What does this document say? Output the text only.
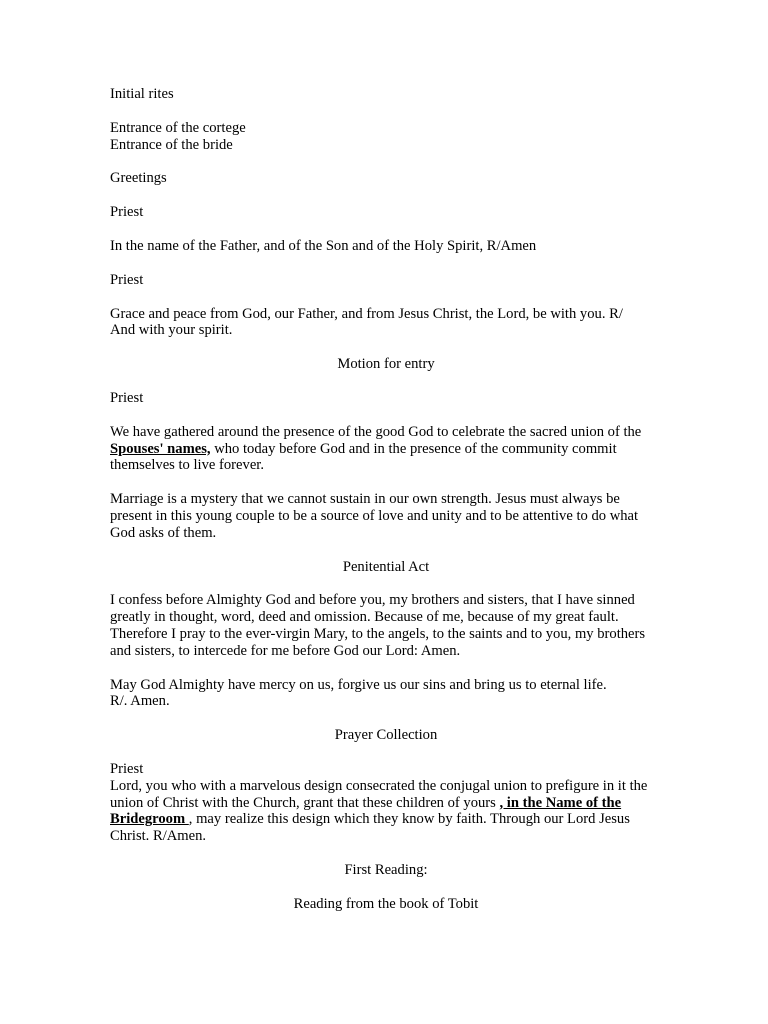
Initial rites

Entrance of the cortege

Entrance of the bride

Greetings

Priest

In the name of the Father, and of the Son and of the Holy Spirit, R/Amen

Priest

Grace and peace from God, our Father, and from Jesus Christ, the Lord, be with you. R/

And with your spirit.

Motion for entry

Priest

We have gathered around the presence of the good God to celebrate the sacred union of the Spouses' names, who today before God and in the presence of the community commit themselves to live forever.

Marriage is a mystery that we cannot sustain in our own strength. Jesus must always be present in this young couple to be a source of love and unity and to be attentive to do what God asks of them.

Penitential Act

I confess before Almighty God and before you, my brothers and sisters, that I have sinned greatly in thought, word, deed and omission. Because of me, because of my great fault. Therefore I pray to the ever-virgin Mary, to the angels, to the saints and to you, my brothers and sisters, to intercede for me before God our Lord: Amen.

May God Almighty have mercy on us, forgive us our sins and bring us to eternal life.

R/. Amen.

Prayer Collection

Priest

Lord, you who with a marvelous design consecrated the conjugal union to prefigure in it the union of Christ with the Church, grant that these children of yours , in the Name of the Bridegroom , may realize this design which they know by faith. Through our Lord Jesus Christ. R/Amen.

First Reading:

Reading from the book of Tobit
